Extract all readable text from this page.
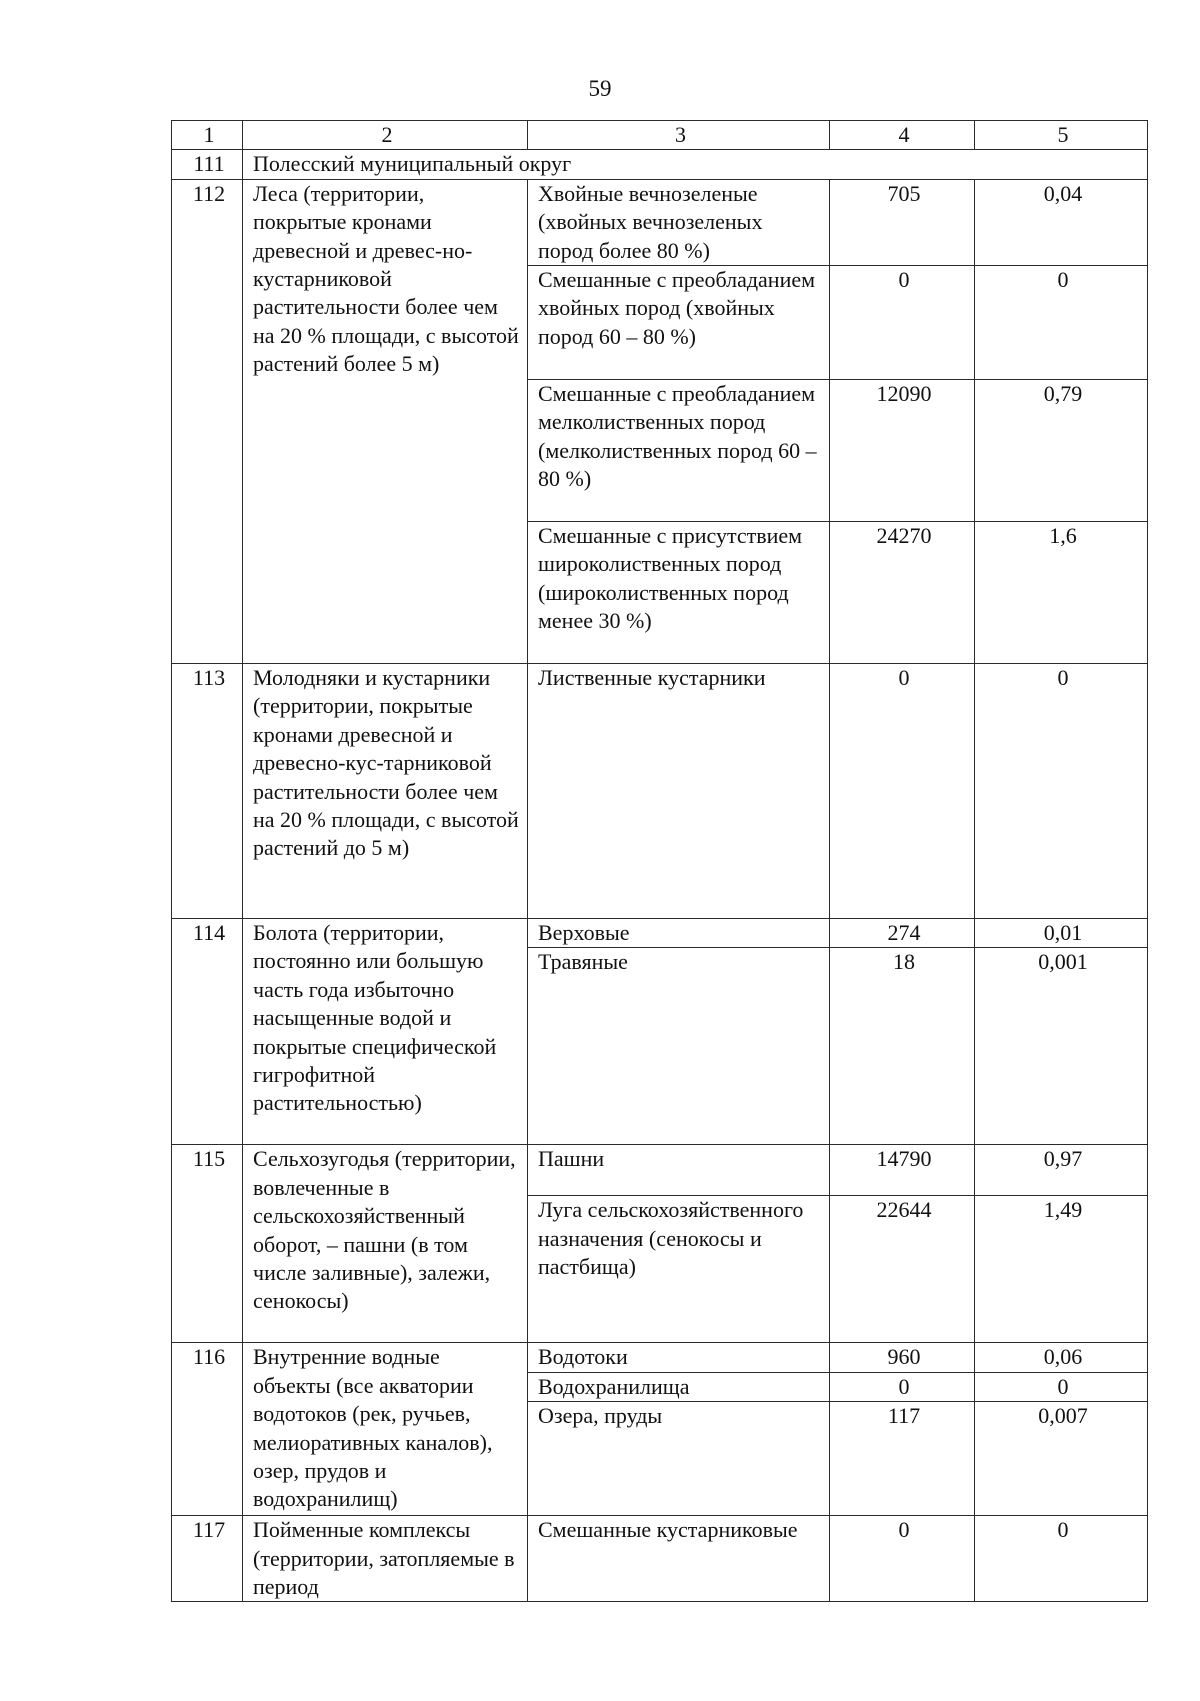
59
1	2	3	4	5
111	Полесский муниципальный округ			
112	Леса (территории, покрытые кронами древесной и древес-но-кустарниковой растительности более чем на 20 % площади, с высотой растений более 5 м)	Хвойные вечнозеленые (хвойных вечнозеленых пород более 80 %)	705	0,04
		Смешанные с преобладанием хвойных пород (хвойных пород 60 – 80 %)	0	0
		Смешанные с преобладанием мелколиственных пород (мелколиственных пород 60 – 80 %)	12090	0,79
		Смешанные с присутствием широколиственных пород (широколиственных пород менее 30 %)	24270	1,6
113	Молодняки и кустарники (территории, покрытые кронами древесной и древесно-кус-тарниковой растительности более чем на 20 % площади, с высотой растений до 5 м)	Лиственные кустарники	0	0
114	Болота (территории, постоянно или большую часть года избыточно насыщенные водой и покрытые специфической гигрофитной растительностью)	Верховые	274	0,01
		Травяные	18	0,001
115	Сельхозугодья (территории, вовлеченные в сельскохозяйственный оборот, – пашни (в том числе заливные), залежи, сенокосы)	Пашни	14790	0,97
		Луга сельскохозяйственного назначения (сенокосы и пастбища)	22644	1,49
116	Внутренние водные объекты (все акватории водотоков (рек, ручьев, мелиоративных каналов), озер, прудов и водохранилищ)	Водотоки	960	0,06
		Водохранилища	0	0
		Озера, пруды	117	0,007
117	Пойменные комплексы (территории, затопляемые в период	Смешанные кустарниковые	0	0
